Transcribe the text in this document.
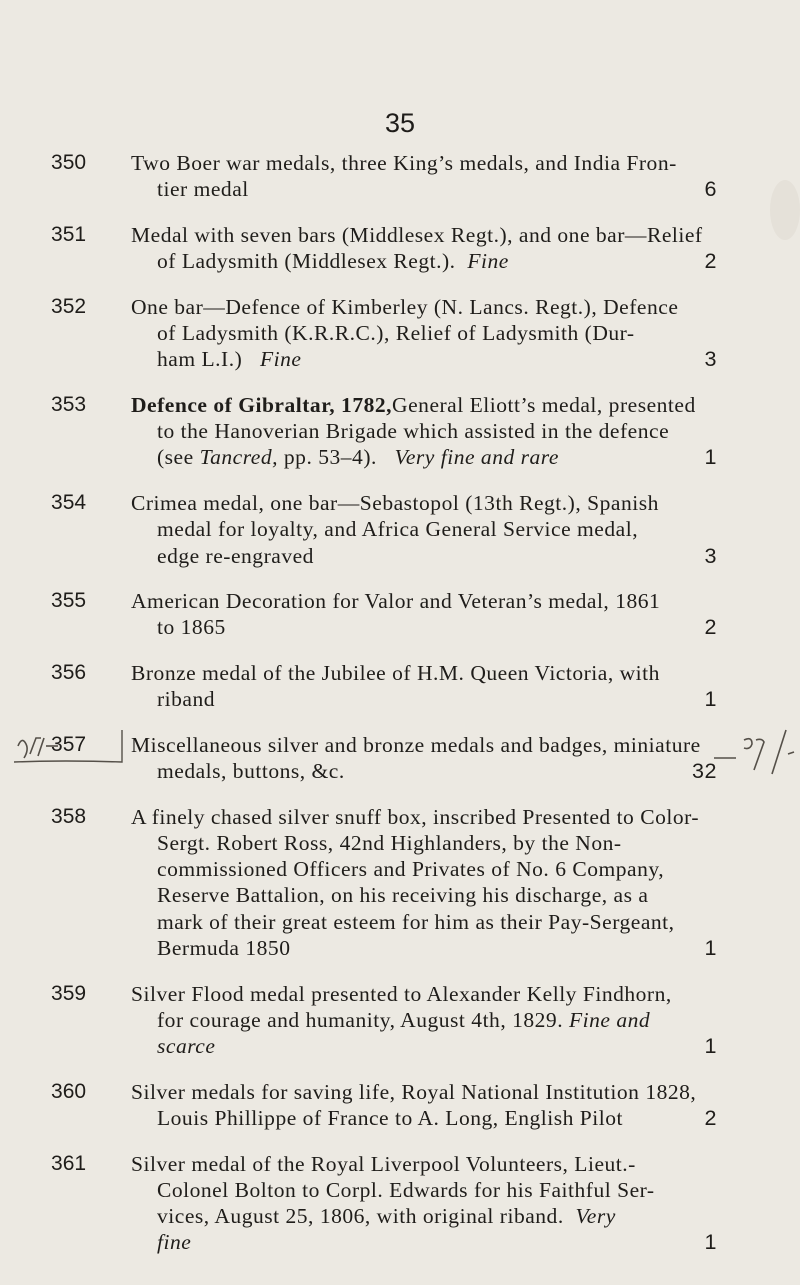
35
350 Two Boer war medals, three King’s medals, and India Fron-
tier medal	6
351 Medal with seven bars (Middlesex Regt.), and one bar—Relief
of Ladysmith (Middlesex Regt.). Fine	2
352 One bar—Defence of Kimberley (N. Lancs. Regt.), Defence
of Ladysmith (K.R.R.C.), Relief of Ladysmith (Dur-
ham L.I.) Fine	3
353 Defence of Gibraltar, 1782, General Eliott’s medal, presented
to the Hanoverian Brigade which assisted in the defence
(see Tancred, pp. 53–4). Very fine and rare	1
354 Crimea medal, one bar—Sebastopol (13th Regt.), Spanish
medal for loyalty, and Africa General Service medal,
edge re-engraved	3
355 American Decoration for Valor and Veteran’s medal, 1861
to 1865	2
356 Bronze medal of the Jubilee of H.M. Queen Victoria, with
riband	1
357 Miscellaneous silver and bronze medals and badges, miniature
medals, buttons, &c.	32
358 A finely chased silver snuff box, inscribed Presented to Color-
Sergt. Robert Ross, 42nd Highlanders, by the Non-
commissioned Officers and Privates of No. 6 Company,
Reserve Battalion, on his receiving his discharge, as a
mark of their great esteem for him as their Pay-Sergeant,
Bermuda 1850	1
359 Silver Flood medal presented to Alexander Kelly Findhorn,
for courage and humanity, August 4th, 1829. Fine and
scarce	1
360 Silver medals for saving life, Royal National Institution 1828,
Louis Phillippe of France to A. Long, English Pilot	2
361 Silver medal of the Royal Liverpool Volunteers, Lieut.-
Colonel Bolton to Corpl. Edwards for his Faithful Ser-
vices, August 25, 1806, with original riband. Very
fine	1
